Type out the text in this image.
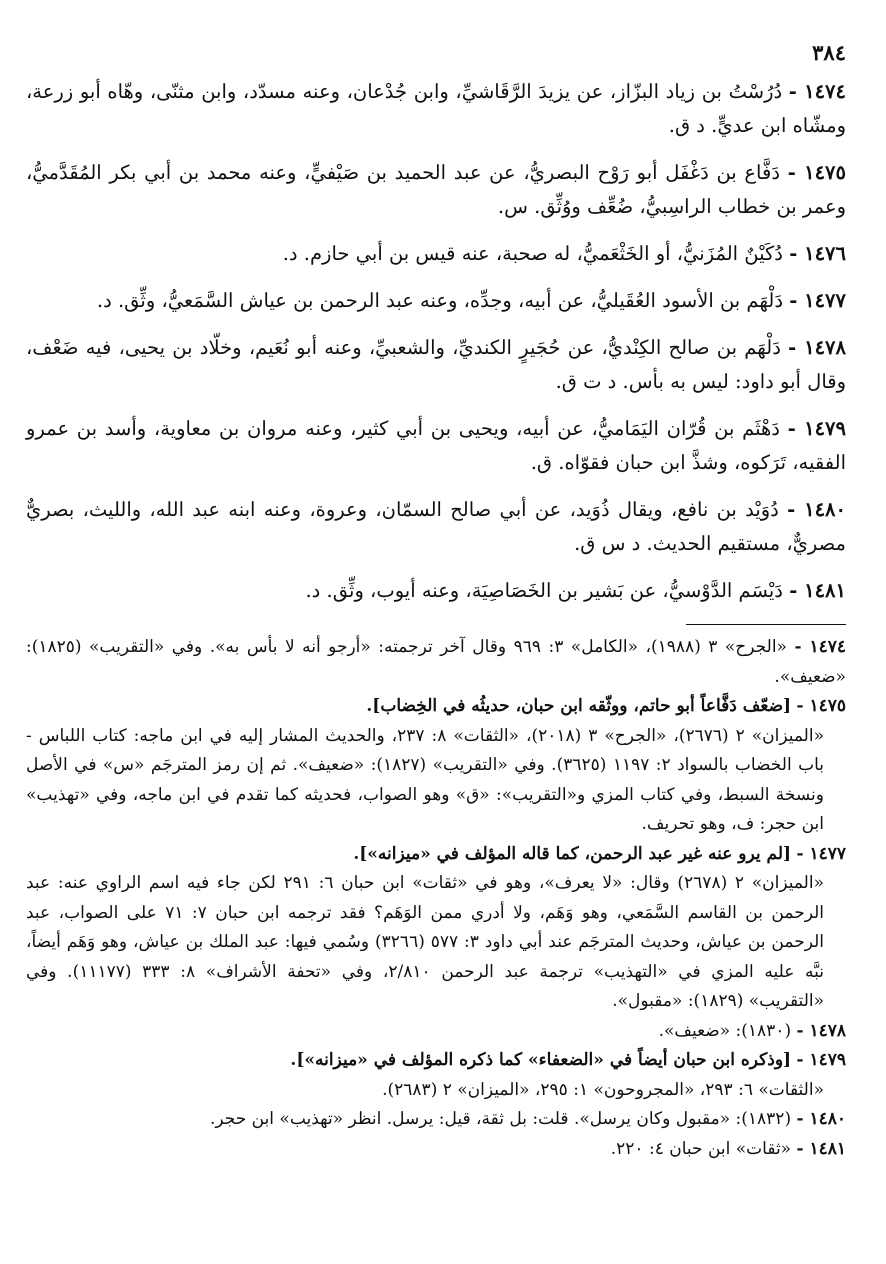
٣٨٤

١٤٧٤ - دُرُسْتُ بن زياد البزّاز، عن يزيدَ الرَّقَاشيِّ، وابن جُدْعان، وعنه مسدّد، وابن مثنّى، وهّاه أبو زرعة، ومشّاه ابن عديٍّ. د ق.

١٤٧٥ - دَفَّاع بن دَغْفَل أبو رَوْح البصريُّ، عن عبد الحميد بن صَيْفيٍّ، وعنه محمد بن أبي بكر المُقَدَّميُّ، وعمر بن خطاب الراسِبيُّ، ضُعِّف ووُثِّق. س.

١٤٧٦ - دُكَيْنٌ المُزَنيُّ، أو الخَثْعَميُّ، له صحبة، عنه قيس بن أبي حازم. د.

١٤٧٧ - دَلْهَم بن الأسود العُقَيليُّ، عن أبيه، وجدِّه، وعنه عبد الرحمن بن عياش السَّمَعيُّ، وثِّق. د.

١٤٧٨ - دَلْهَم بن صالح الكِنْديُّ، عن حُجَيرٍ الكنديِّ، والشعبيِّ، وعنه أبو نُعَيم، وخلّاد بن يحيى، فيه ضَعْف، وقال أبو داود: ليس به بأس. د ت ق.

١٤٧٩ - دَهْثَم بن قُرّان اليَمَاميُّ، عن أبيه، ويحيى بن أبي كثير، وعنه مروان بن معاوية، وأسد بن عمرو الفقيه، تَرَكوه، وشذَّ ابن حبان فقوّاه. ق.

١٤٨٠ - دُوَيْد بن نافع، ويقال ذُوَيد، عن أبي صالح السمّان، وعروة، وعنه ابنه عبد الله، والليث، بصريٌّ مصريٌّ، مستقيم الحديث. د س ق.

١٤٨١ - دَيْسَم الدَّوْسيُّ، عن بَشير بن الخَصَاصِيَة، وعنه أيوب، وثِّق. د.

١٤٧٤ - «الجرح» ٣ (١٩٨٨)، «الكامل» ٣: ٩٦٩ وقال آخر ترجمته: «أرجو أنه لا بأس به». وفي «التقريب» (١٨٢٥): «ضعيف».

١٤٧٥ - [ضعّف دَفَّاعاً أبو حاتم، ووثّقه ابن حبان، حديثُه في الخِضاب].

«الميزان» ٢ (٢٦٧٦)، «الجرح» ٣ (٢٠١٨)، «الثقات» ٨: ٢٣٧، والحديث المشار إليه في ابن ماجه: كتاب اللباس - باب الخضاب بالسواد ٢: ١١٩٧ (٣٦٢٥). وفي «التقريب» (١٨٢٧): «ضعيف». ثم إن رمز المترجَم «س» في الأصل ونسخة السبط، وفي كتاب المزي و«التقريب»: «ق» وهو الصواب، فحديثه كما تقدم في ابن ماجه، وفي «تهذيب» ابن حجر: ف، وهو تحريف.

١٤٧٧ - [لم يرو عنه غير عبد الرحمن، كما قاله المؤلف في «ميزانه»].

«الميزان» ٢ (٢٦٧٨) وقال: «لا يعرف»، وهو في «ثقات» ابن حبان ٦: ٢٩١ لكن جاء فيه اسم الراوي عنه: عبد الرحمن بن القاسم السَّمَعي، وهو وَهَم، ولا أدري ممن الوَهَم؟ فقد ترجمه ابن حبان ٧: ٧١ على الصواب، عبد الرحمن بن عياش، وحديث المترجَم عند أبي داود ٣: ٥٧٧ (٣٢٦٦) وسُمي فيها: عبد الملك بن عياش، وهو وَهَم أيضاً، نبَّه عليه المزي في «التهذيب» ترجمة عبد الرحمن ٢/٨١٠، وفي «تحفة الأشراف» ٨: ٣٣٣ (١١١٧٧). وفي «التقريب» (١٨٢٩): «مقبول».

١٤٧٨ - (١٨٣٠): «ضعيف».

١٤٧٩ - [وذكره ابن حبان أيضاً في «الضعفاء» كما ذكره المؤلف في «ميزانه»].

«الثقات» ٦: ٢٩٣، «المجروحون» ١: ٢٩٥، «الميزان» ٢ (٢٦٨٣).

١٤٨٠ - (١٨٣٢): «مقبول وكان يرسل». قلت: بل ثقة، قيل: يرسل. انظر «تهذيب» ابن حجر.

١٤٨١ - «ثقات» ابن حبان ٤: ٢٢٠.
